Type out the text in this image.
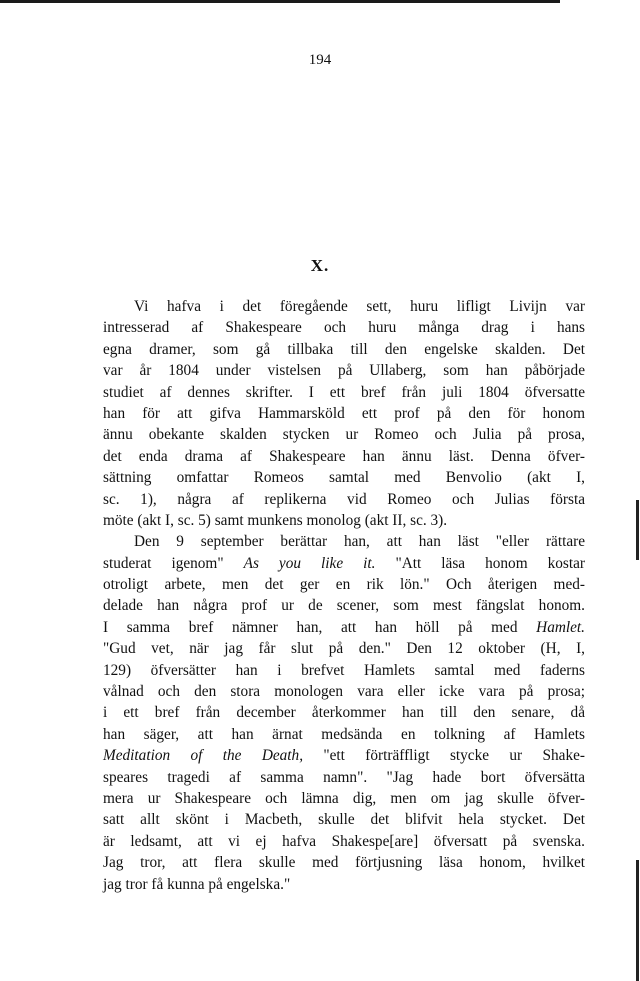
194
X.
Vi hafva i det föregående sett, huru lifligt Livijn var
intresserad af Shakespeare och huru många drag i hans
egna dramer, som gå tillbaka till den engelske skalden. Det
var år 1804 under vistelsen på Ullaberg, som han påbörjade
studiet af dennes skrifter. I ett bref från juli 1804 öfversatte
han för att gifva Hammarsköld ett prof på den för honom
ännu obekante skalden stycken ur Romeo och Julia på prosa,
det enda drama af Shakespeare han ännu läst. Denna öfver-
sättning omfattar Romeos samtal med Benvolio (akt I,
sc. 1), några af replikerna vid Romeo och Julias första
möte (akt I, sc. 5) samt munkens monolog (akt II, sc. 3).
Den 9 september berättar han, att han läst "eller rättare
studerat igenom" As you like it. "Att läsa honom kostar
otroligt arbete, men det ger en rik lön." Och återigen med-
delade han några prof ur de scener, som mest fängslat honom.
I samma bref nämner han, att han höll på med Hamlet.
"Gud vet, när jag får slut på den." Den 12 oktober (H, I,
129) öfversätter han i brefvet Hamlets samtal med faderns
vålnad och den stora monologen vara eller icke vara på prosa;
i ett bref från december återkommer han till den senare, då
han säger, att han ärnat medsända en tolkning af Hamlets
Meditation of the Death, "ett förträffligt stycke ur Shake-
speares tragedi af samma namn". "Jag hade bort öfversätta
mera ur Shakespeare och lämna dig, men om jag skulle öfver-
satt allt skönt i Macbeth, skulle det blifvit hela stycket. Det
är ledsamt, att vi ej hafva Shakespe[are] öfversatt på svenska.
Jag tror, att flera skulle med förtjusning läsa honom, hvilket
jag tror få kunna på engelska."
